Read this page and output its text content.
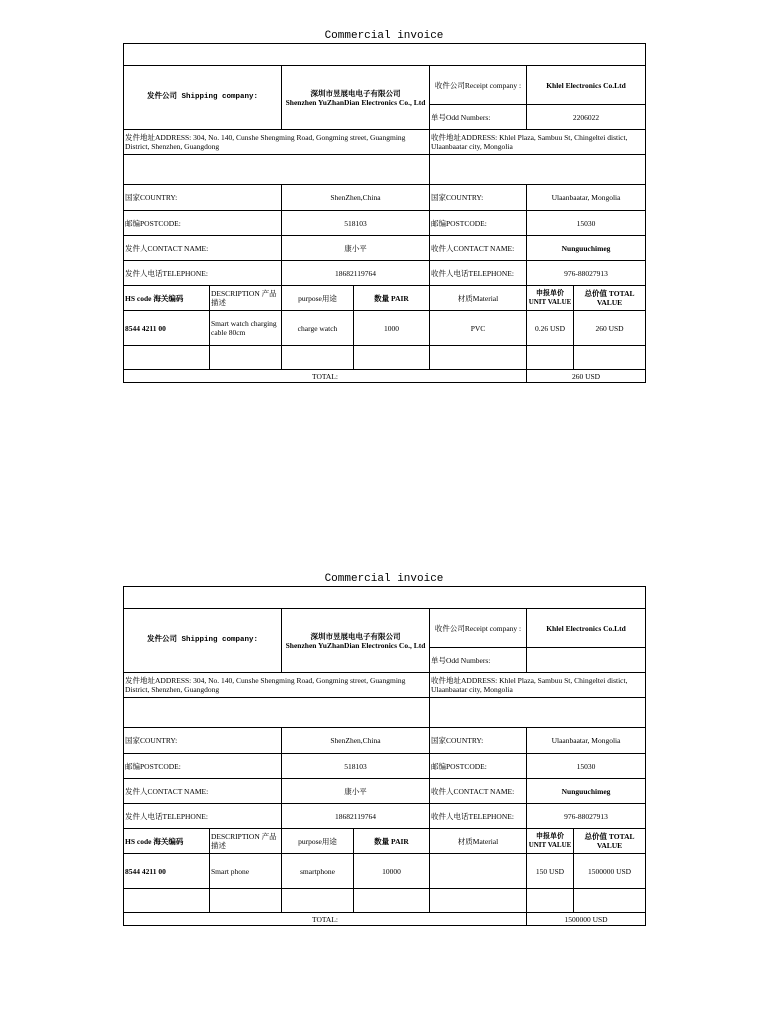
Commercial invoice

发件公司 Shipping company:		深圳市昱展电电子有限公司
Shenzhen YuZhanDian Electronics Co., Ltd		收件公司Receipt company :	Khlel Electronics Co.Ltd	
				单号Odd Numbers:	2206022	
发件地址ADDRESS: 304, No. 140, Cunshe Shengming Road, Gongming street, Guangming District, Shenzhen, Guangdong				收件地址ADDRESS: Khlel Plaza, Sambuu St, Chingeltei distict, Ulaanbaatar city, Mongolia		

国家COUNTRY:		ShenZhen,China		国家COUNTRY:	Ulaanbaatar, Mongolia	
邮编POSTCODE:		518103		邮编POSTCODE:	15030	
发件人CONTACT NAME:		康小平		收件人CONTACT NAME:	Nunguuchimeg	
发件人电话TELEPHONE:		18682119764		收件人电话TELEPHONE:	976-88027913	
HS code 海关编码	DESCRIPTION 产品描述	purpose用途	数量 PAIR	材质Material	申报单价 UNIT VALUE	总价值 TOTAL VALUE
8544 4211 00	Smart watch charging cable 80cm	charge watch	1000	PVC	0.26 USD	260 USD

TOTAL:					260 USD	
Commercial invoice

发件公司 Shipping company:		深圳市昱展电电子有限公司
Shenzhen YuZhanDian Electronics Co., Ltd		收件公司Receipt company :	Khlel Electronics Co.Ltd	
				单号Odd Numbers:		
发件地址ADDRESS: 304, No. 140, Cunshe Shengming Road, Gongming street, Guangming District, Shenzhen, Guangdong				收件地址ADDRESS: Khlel Plaza, Sambuu St, Chingeltei distict, Ulaanbaatar city, Mongolia		

国家COUNTRY:		ShenZhen,China		国家COUNTRY:	Ulaanbaatar, Mongolia	
邮编POSTCODE:		518103		邮编POSTCODE:	15030	
发件人CONTACT NAME:		康小平		收件人CONTACT NAME:	Nunguuchimeg	
发件人电话TELEPHONE:		18682119764		收件人电话TELEPHONE:	976-88027913	
HS code 海关编码	DESCRIPTION 产品描述	purpose用途	数量 PAIR	材质Material	申报单价 UNIT VALUE	总价值 TOTAL VALUE
8544 4211 00	Smart phone	smartphone	10000		150 USD	1500000 USD

TOTAL:					1500000 USD	
